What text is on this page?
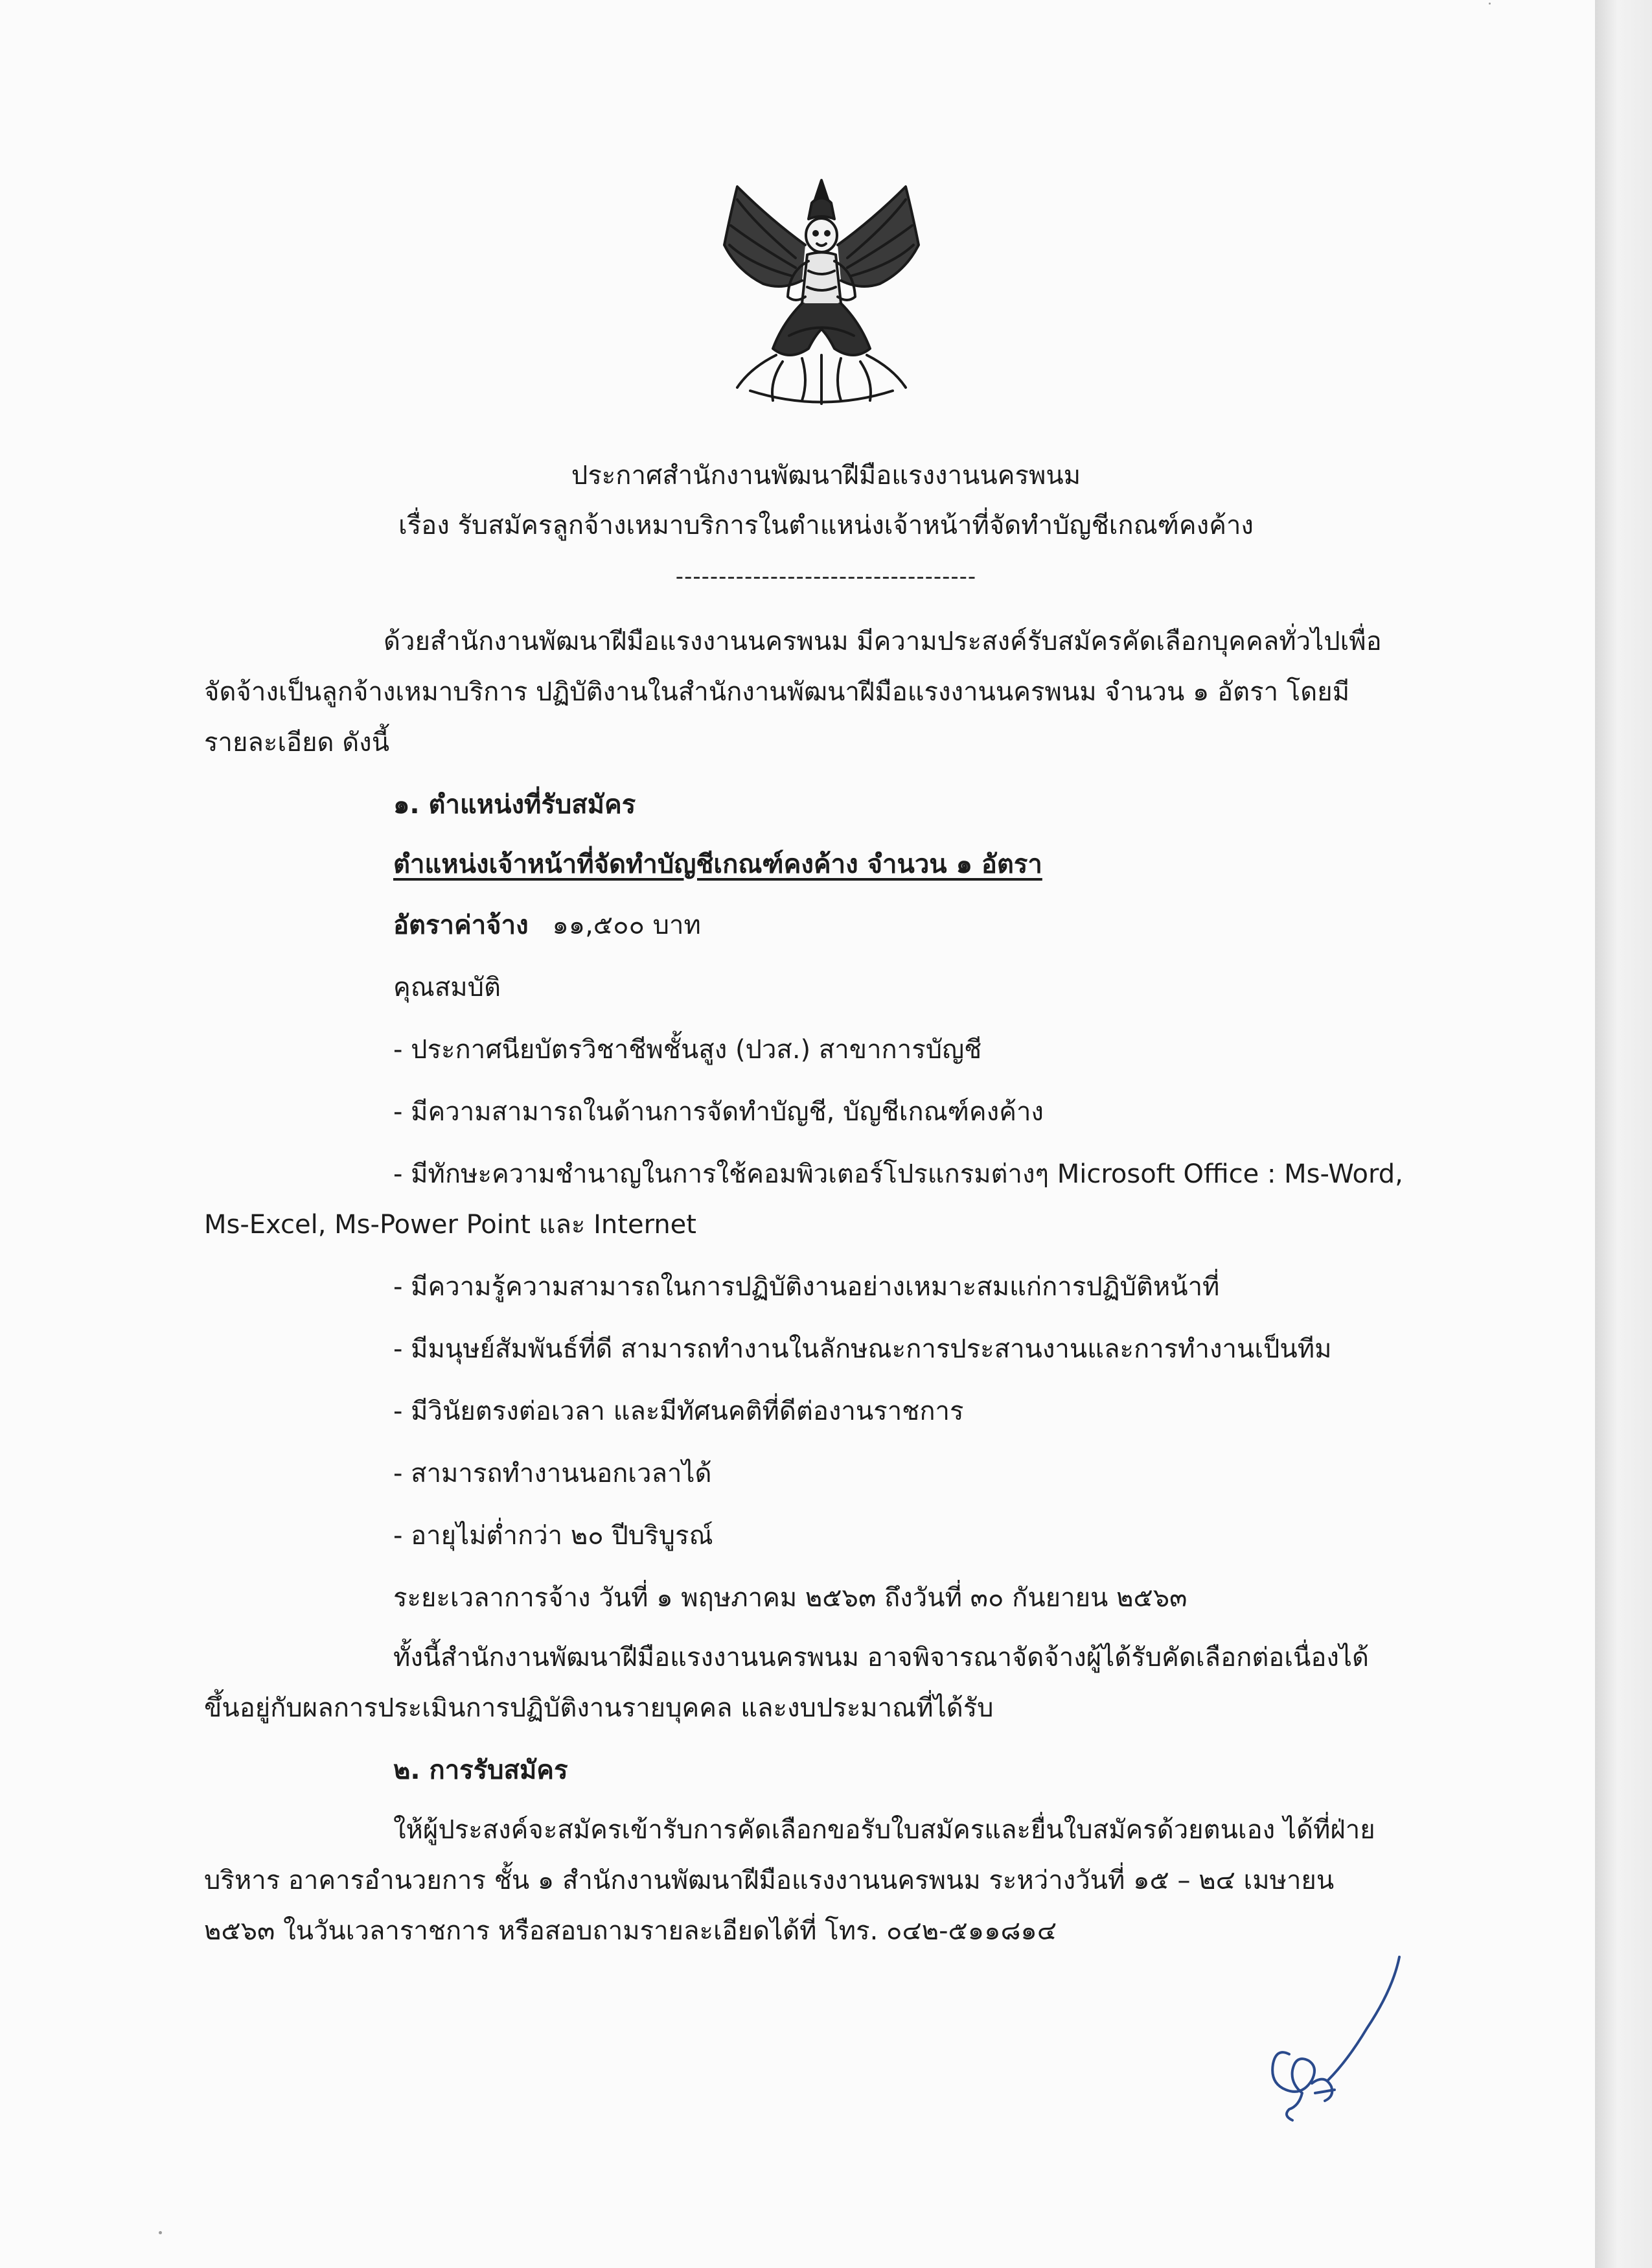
ประกาศสำนักงานพัฒนาฝีมือแรงงานนครพนม
เรื่อง รับสมัครลูกจ้างเหมาบริการในตำแหน่งเจ้าหน้าที่จัดทำบัญชีเกณฑ์คงค้าง
-----------------------------------
ด้วยสำนักงานพัฒนาฝีมือแรงงานนครพนม มีความประสงค์รับสมัครคัดเลือกบุคคลทั่วไปเพื่อ
จัดจ้างเป็นลูกจ้างเหมาบริการ ปฏิบัติงานในสำนักงานพัฒนาฝีมือแรงงานนครพนม จำนวน ๑ อัตรา โดยมี
รายละเอียด ดังนี้
๑. ตำแหน่งที่รับสมัคร
ตำแหน่งเจ้าหน้าที่จัดทำบัญชีเกณฑ์คงค้าง จำนวน ๑ อัตรา
อัตราค่าจ้าง ๑๑,๕๐๐ บาท
คุณสมบัติ
- ประกาศนียบัตรวิชาชีพชั้นสูง (ปวส.) สาขาการบัญชี
- มีความสามารถในด้านการจัดทำบัญชี, บัญชีเกณฑ์คงค้าง
- มีทักษะความชำนาญในการใช้คอมพิวเตอร์โปรแกรมต่างๆ Microsoft Office : Ms-Word,
Ms-Excel, Ms-Power Point และ Internet
- มีความรู้ความสามารถในการปฏิบัติงานอย่างเหมาะสมแก่การปฏิบัติหน้าที่
- มีมนุษย์สัมพันธ์ที่ดี สามารถทำงานในลักษณะการประสานงานและการทำงานเป็นทีม
- มีวินัยตรงต่อเวลา และมีทัศนคติที่ดีต่องานราชการ
- สามารถทำงานนอกเวลาได้
- อายุไม่ต่ำกว่า ๒๐ ปีบริบูรณ์
ระยะเวลาการจ้าง วันที่ ๑ พฤษภาคม ๒๕๖๓ ถึงวันที่ ๓๐ กันยายน ๒๕๖๓
ทั้งนี้สำนักงานพัฒนาฝีมือแรงงานนครพนม อาจพิจารณาจัดจ้างผู้ได้รับคัดเลือกต่อเนื่องได้
ขึ้นอยู่กับผลการประเมินการปฏิบัติงานรายบุคคล และงบประมาณที่ได้รับ
๒. การรับสมัคร
ให้ผู้ประสงค์จะสมัครเข้ารับการคัดเลือกขอรับใบสมัครและยื่นใบสมัครด้วยตนเอง ได้ที่ฝ่าย
บริหาร อาคารอำนวยการ ชั้น ๑ สำนักงานพัฒนาฝีมือแรงงานนครพนม ระหว่างวันที่ ๑๕ – ๒๔ เมษายน
๒๕๖๓ ในวันเวลาราชการ หรือสอบถามรายละเอียดได้ที่ โทร. ๐๔๒-๕๑๑๘๑๔
